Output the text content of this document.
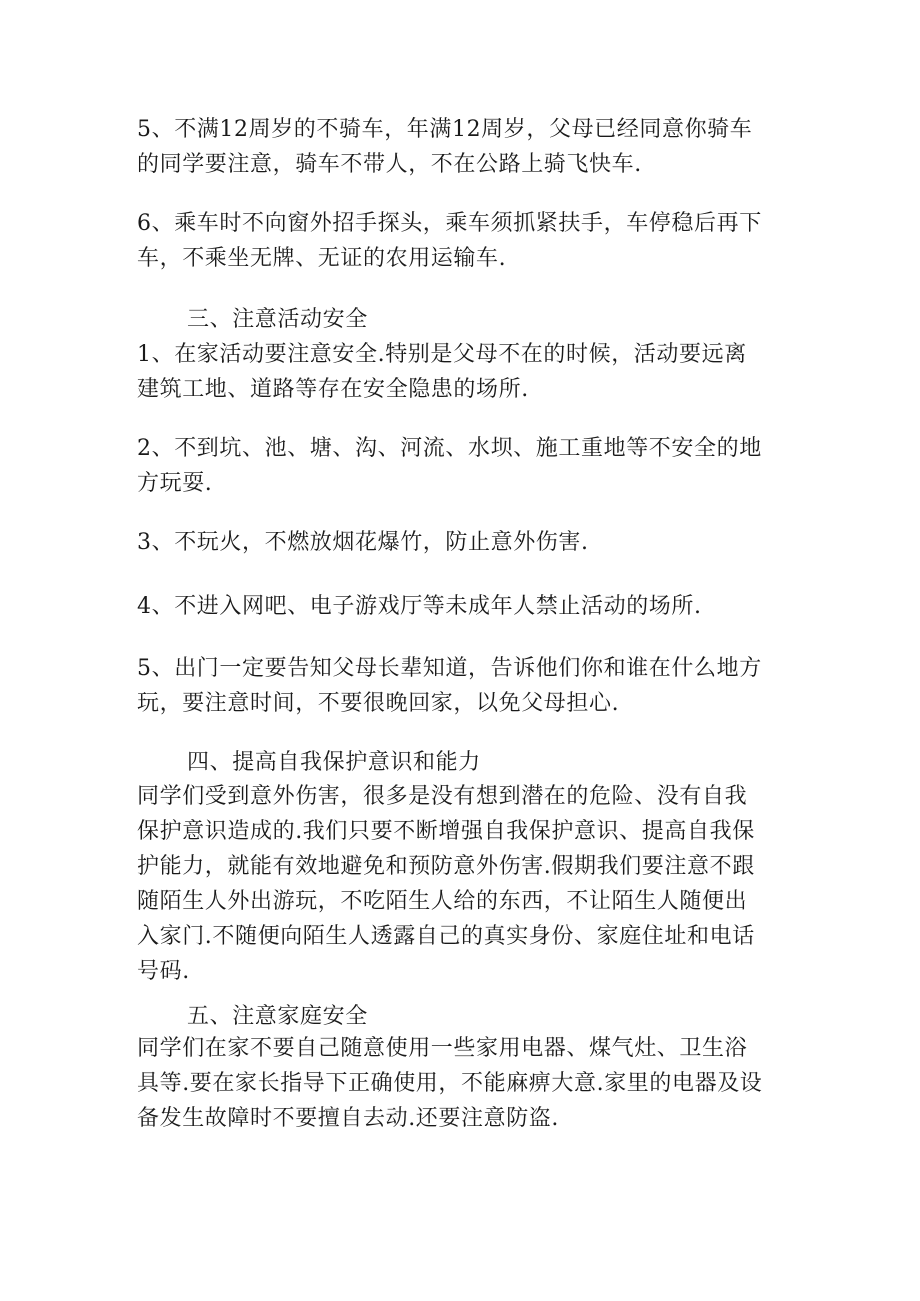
5、不满12周岁的不骑车，年满12周岁，父母已经同意你骑车的同学要注意，骑车不带人，不在公路上骑飞快车.

6、乘车时不向窗外招手探头，乘车须抓紧扶手，车停稳后再下车，不乘坐无牌、无证的农用运输车.

三、注意活动安全

1、在家活动要注意安全.特别是父母不在的时候，活动要远离建筑工地、道路等存在安全隐患的场所.

2、不到坑、池、塘、沟、河流、水坝、施工重地等不安全的地方玩耍.

3、不玩火，不燃放烟花爆竹，防止意外伤害.

4、不进入网吧、电子游戏厅等未成年人禁止活动的场所.

5、出门一定要告知父母长辈知道，告诉他们你和谁在什么地方玩，要注意时间，不要很晚回家，以免父母担心.

四、提高自我保护意识和能力

同学们受到意外伤害，很多是没有想到潜在的危险、没有自我保护意识造成的.我们只要不断增强自我保护意识、提高自我保护能力，就能有效地避免和预防意外伤害.假期我们要注意不跟随陌生人外出游玩，不吃陌生人给的东西，不让陌生人随便出入家门.不随便向陌生人透露自己的真实身份、家庭住址和电话号码.

五、注意家庭安全

同学们在家不要自己随意使用一些家用电器、煤气灶、卫生浴具等.要在家长指导下正确使用，不能麻痹大意.家里的电器及设备发生故障时不要擅自去动.还要注意防盗.
